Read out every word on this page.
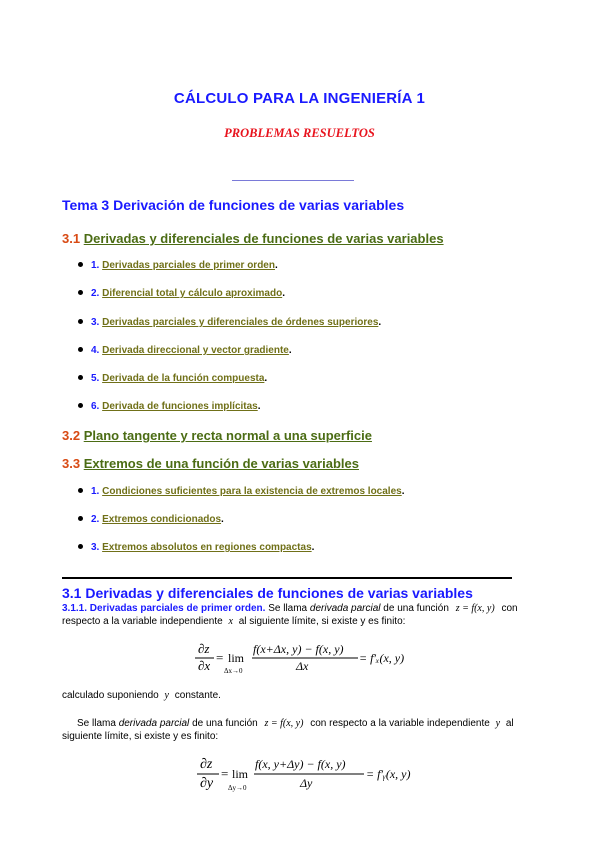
CÁLCULO PARA LA INGENIERÍA 1
PROBLEMAS RESUELTOS
Tema 3 Derivación de funciones de varias variables
3.1 Derivadas y diferenciales de funciones de varias variables
1. Derivadas parciales de primer orden.
2. Diferencial total y cálculo aproximado.
3. Derivadas parciales y diferenciales de órdenes superiores.
4. Derivada direccional y vector gradiente.
5. Derivada de la función compuesta.
6. Derivada de funciones implícitas.
3.2 Plano tangente y recta normal a una superficie
3.3 Extremos de una función de varias variables
1. Condiciones suficientes para la existencia de extremos locales.
2. Extremos condicionados.
3. Extremos absolutos en regiones compactas.
3.1 Derivadas y diferenciales de funciones de varias variables
3.1.1. Derivadas parciales de primer orden. Se llama derivada parcial de una función z = f(x, y) con
respecto a la variable independiente x al siguiente límite, si existe y es finito:
∂z
∂x
= lim
Δx→0
f(x+Δx, y) − f(x, y)
Δx
= f′ₓ(x, y)
calculado suponiendo y constante.
Se llama derivada parcial de una función z = f(x, y) con respecto a la variable independiente y al
siguiente límite, si existe y es finito:
∂z
∂y
= lim
Δy→0
f(x, y+Δy) − f(x, y)
Δy
= f′ᵧ(x, y)
